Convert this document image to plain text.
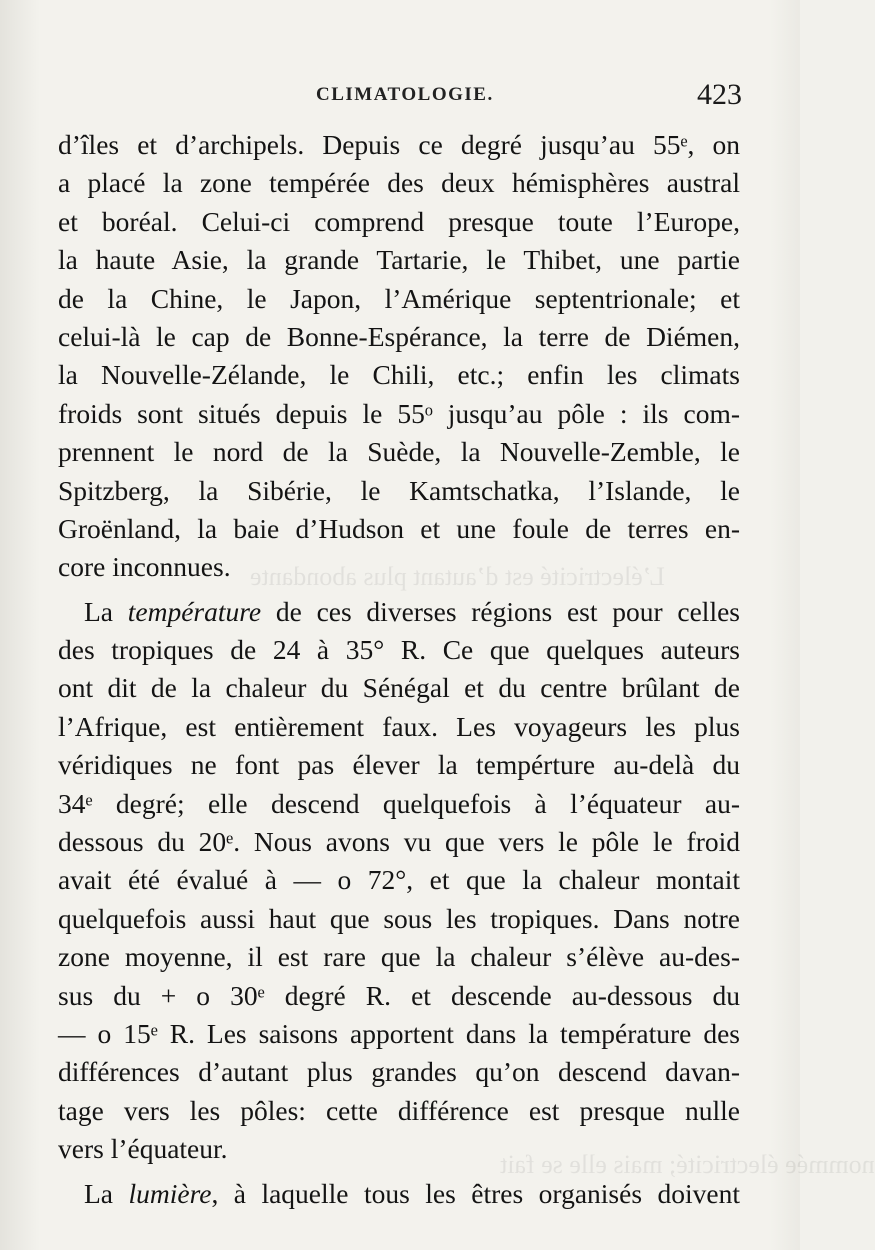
L’électricité est d’autant plus abondante
nommée électricité; mais elle se fait
CLIMATOLOGIE.	423
d’îles et d’archipels. Depuis ce degré jusqu’au 55ᵉ, on
a placé la zone tempérée des deux hémisphères austral
et boréal. Celui-ci comprend presque toute l’Europe,
la haute Asie, la grande Tartarie, le Thibet, une partie
de la Chine, le Japon, l’Amérique septentrionale; et
celui-là le cap de Bonne-Espérance, la terre de Diémen,
la Nouvelle-Zélande, le Chili, etc.; enfin les climats
froids sont situés depuis le 55ᵒ jusqu’au pôle : ils com-
prennent le nord de la Suède, la Nouvelle-Zemble, le
Spitzberg, la Sibérie, le Kamtschatka, l’Islande, le
Groënland, la baie d’Hudson et une foule de terres en-
core inconnues.
La température de ces diverses régions est pour celles
des tropiques de 24 à 35° R. Ce que quelques auteurs
ont dit de la chaleur du Sénégal et du centre brûlant de
l’Afrique, est entièrement faux. Les voyageurs les plus
véridiques ne font pas élever la tempérture au-delà du
34ᵉ degré; elle descend quelquefois à l’équateur au-
dessous du 20ᵉ. Nous avons vu que vers le pôle le froid
avait été évalué à — o 72°, et que la chaleur montait
quelquefois aussi haut que sous les tropiques. Dans notre
zone moyenne, il est rare que la chaleur s’élève au-des-
sus du + o 30ᵉ degré R. et descende au-dessous du
— o 15ᵉ R. Les saisons apportent dans la température des
différences d’autant plus grandes qu’on descend davan-
tage vers les pôles: cette différence est presque nulle
vers l’équateur.
La lumière, à laquelle tous les êtres organisés doivent
